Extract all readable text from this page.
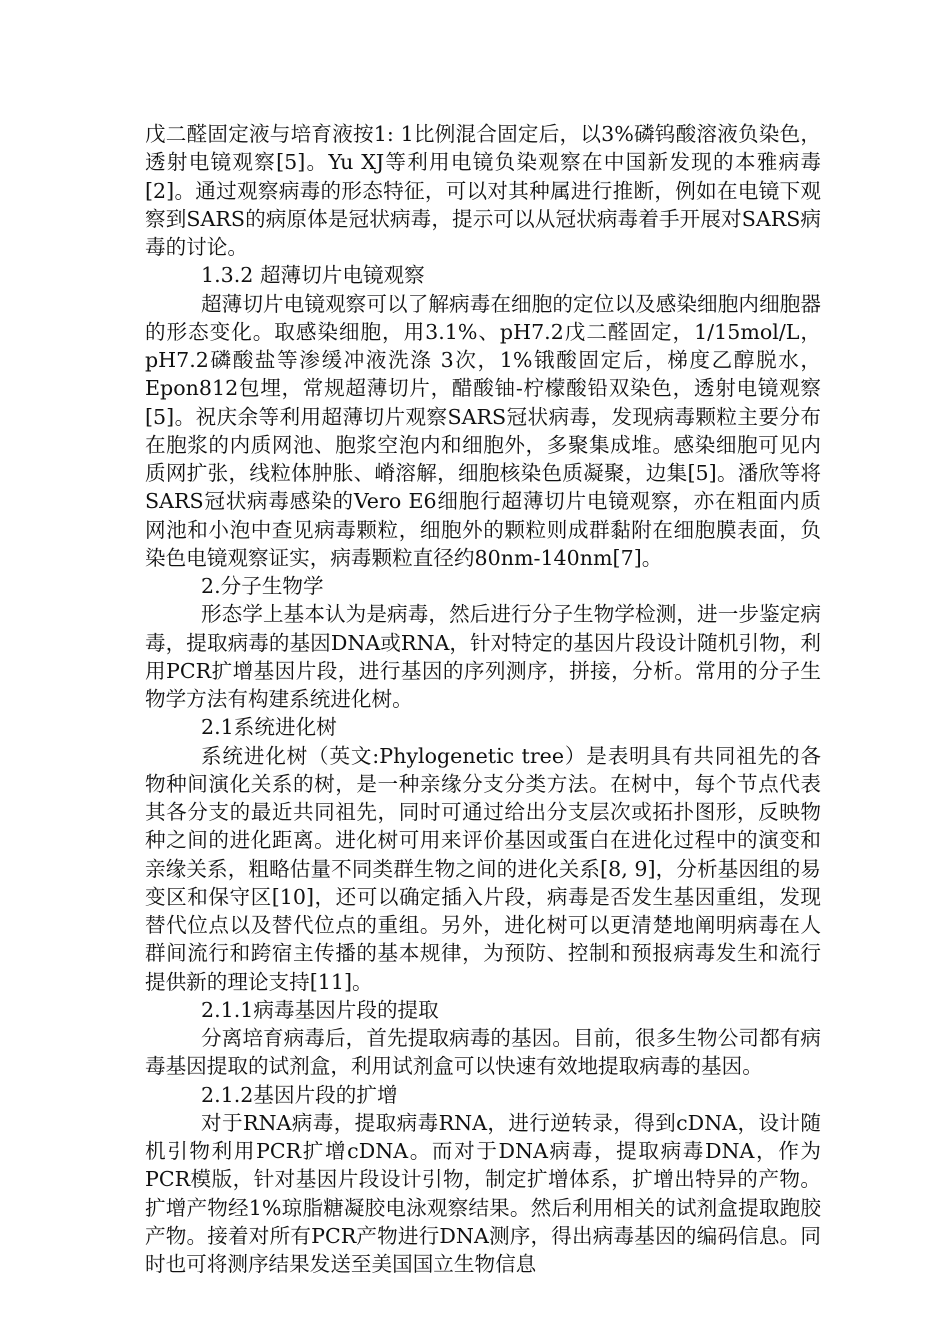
戊二醛固定液与培育液按1: 1比例混合固定后，以3%磷钨酸溶液负染色，透射电镜观察[5]。Yu XJ等利用电镜负染观察在中国新发现的本雅病毒[2]。通过观察病毒的形态特征，可以对其种属进行推断，例如在电镜下观察到SARS的病原体是冠状病毒，提示可以从冠状病毒着手开展对SARS病毒的讨论。

1.3.2 超薄切片电镜观察

超薄切片电镜观察可以了解病毒在细胞的定位以及感染细胞内细胞器的形态变化。取感染细胞，用3.1%、pH7.2戊二醛固定，1/15mol/L，pH7.2磷酸盐等渗缓冲液洗涤 3次，1%锇酸固定后，梯度乙醇脱水，Epon812包埋，常规超薄切片，醋酸铀-柠檬酸铅双染色，透射电镜观察[5]。祝庆余等利用超薄切片观察SARS冠状病毒，发现病毒颗粒主要分布在胞浆的内质网池、胞浆空泡内和细胞外，多聚集成堆。感染细胞可见内质网扩张，线粒体肿胀、嵴溶解，细胞核染色质凝聚，边集[5]。潘欣等将SARS冠状病毒感染的Vero E6细胞行超薄切片电镜观察，亦在粗面内质网池和小泡中查见病毒颗粒，细胞外的颗粒则成群黏附在细胞膜表面，负染色电镜观察证实，病毒颗粒直径约80nm-140nm[7]。

2.分子生物学

形态学上基本认为是病毒，然后进行分子生物学检测，进一步鉴定病毒，提取病毒的基因DNA或RNA，针对特定的基因片段设计随机引物，利用PCR扩增基因片段，进行基因的序列测序，拼接，分析。常用的分子生物学方法有构建系统进化树。

2.1系统进化树

系统进化树（英文:Phylogenetic tree）是表明具有共同祖先的各物种间演化关系的树，是一种亲缘分支分类方法。在树中，每个节点代表其各分支的最近共同祖先，同时可通过给出分支层次或拓扑图形，反映物种之间的进化距离。进化树可用来评价基因或蛋白在进化过程中的演变和亲缘关系，粗略估量不同类群生物之间的进化关系[8, 9]，分析基因组的易变区和保守区[10]，还可以确定插入片段，病毒是否发生基因重组，发现替代位点以及替代位点的重组。另外，进化树可以更清楚地阐明病毒在人群间流行和跨宿主传播的基本规律，为预防、控制和预报病毒发生和流行提供新的理论支持[11]。

2.1.1病毒基因片段的提取

分离培育病毒后，首先提取病毒的基因。目前，很多生物公司都有病毒基因提取的试剂盒，利用试剂盒可以快速有效地提取病毒的基因。

2.1.2基因片段的扩增

对于RNA病毒，提取病毒RNA，进行逆转录，得到cDNA，设计随机引物利用PCR扩增cDNA。而对于DNA病毒，提取病毒DNA，作为PCR模版，针对基因片段设计引物，制定扩增体系，扩增出特异的产物。扩增产物经1%琼脂糖凝胶电泳观察结果。然后利用相关的试剂盒提取跑胶产物。接着对所有PCR产物进行DNA测序，得出病毒基因的编码信息。同时也可将测序结果发送至美国国立生物信息
